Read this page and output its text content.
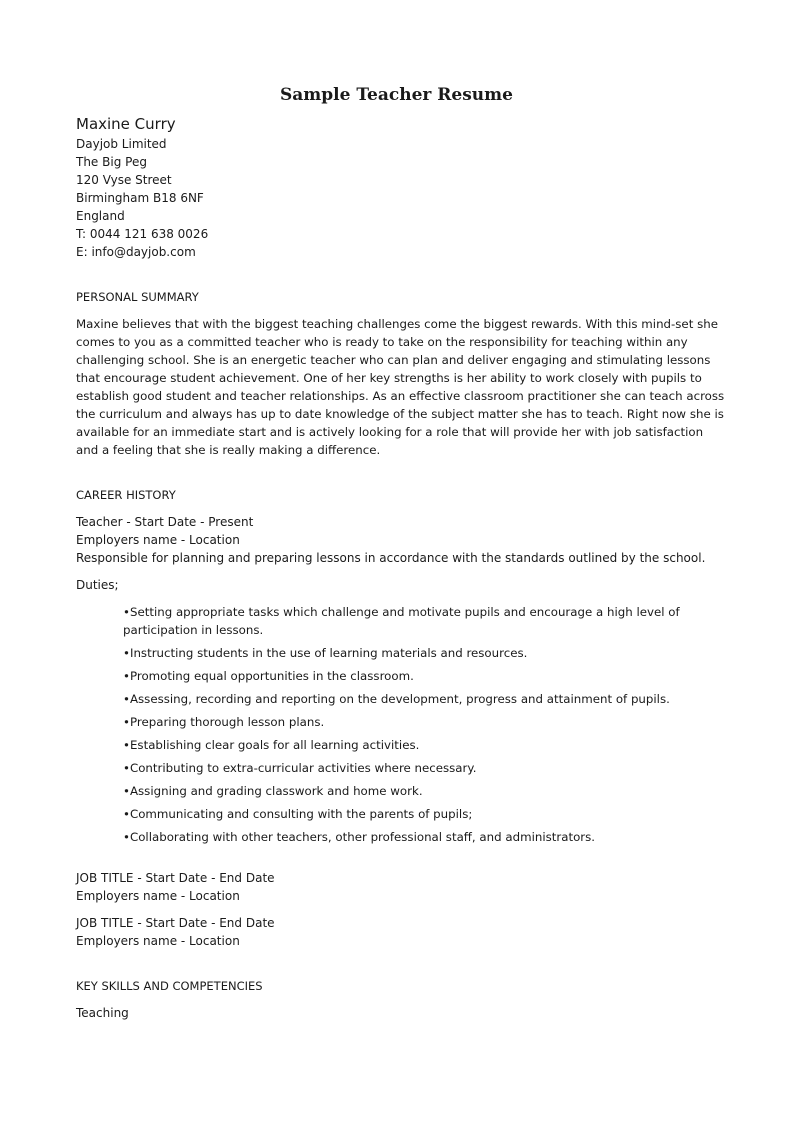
Sample Teacher Resume

Maxine Curry

Dayjob Limited

The Big Peg

120 Vyse Street

Birmingham B18 6NF

England

T: 0044 121 638 0026

E: info@dayjob.com

PERSONAL SUMMARY

Maxine believes that with the biggest teaching challenges come the biggest rewards. With this mind-set she comes to you as a committed teacher who is ready to take on the responsibility for teaching within any challenging school. She is an energetic teacher who can plan and deliver engaging and stimulating lessons that encourage student achievement. One of her key strengths is her ability to work closely with pupils to establish good student and teacher relationships. As an effective classroom practitioner she can teach across the curriculum and always has up to date knowledge of the subject matter she has to teach. Right now she is available for an immediate start and is actively looking for a role that will provide her with job satisfaction and a feeling that she is really making a difference.

CAREER HISTORY

Teacher - Start Date - Present

Employers name - Location

Responsible for planning and preparing lessons in accordance with the standards outlined by the school.

Duties;

•Setting appropriate tasks which challenge and motivate pupils and encourage a high level of participation in lessons.
•Instructing students in the use of learning materials and resources.
•Promoting equal opportunities in the classroom.
•Assessing, recording and reporting on the development, progress and attainment of pupils.
•Preparing thorough lesson plans.
•Establishing clear goals for all learning activities.
•Contributing to extra-curricular activities where necessary.
•Assigning and grading classwork and home work.
•Communicating and consulting with the parents of pupils;
•Collaborating with other teachers, other professional staff, and administrators.

JOB TITLE - Start Date - End Date

Employers name - Location

JOB TITLE - Start Date - End Date

Employers name - Location

KEY SKILLS AND COMPETENCIES

Teaching
